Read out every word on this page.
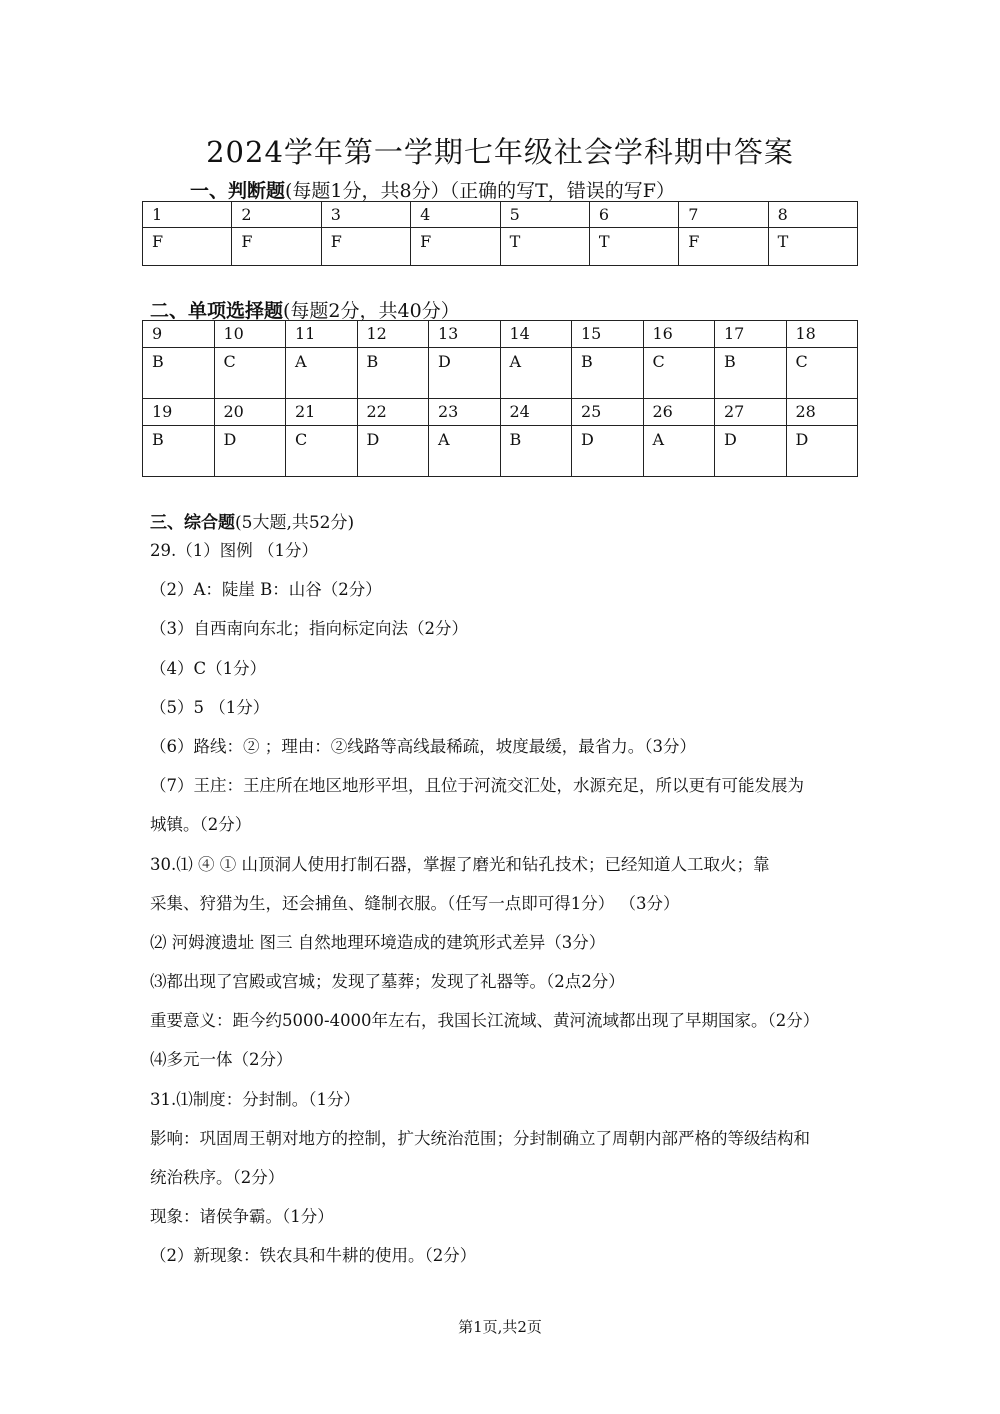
2024学年第一学期七年级社会学科期中答案
一、判断题(每题1分，共8分）（正确的写T，错误的写F）
1	2	3	4	5	6	7	8
F	F	F	F	T	T	F	T
二、单项选择题(每题2分，共40分）
9	10	11	12	13	14	15	16	17	18
B	C	A	B	D	A	B	C	B	C
19	20	21	22	23	24	25	26	27	28
B	D	C	D	A	B	D	A	D	D
三、综合题(5大题,共52分)
29.（1）图例 （1分）
（2）A：陡崖 B：山谷（2分）
（3）自西南向东北；指向标定向法（2分）
（4）C（1分）
（5）5 （1分）
（6）路线：② ；理由：②线路等高线最稀疏，坡度最缓，最省力。（3分）
（7）王庄：王庄所在地区地形平坦，且位于河流交汇处，水源充足，所以更有可能发展为
城镇。（2分）
30.⑴ ④ ① 山顶洞人使用打制石器，掌握了磨光和钻孔技术；已经知道人工取火；靠
采集、狩猎为生，还会捕鱼、缝制衣服。（任写一点即可得1分） （3分）
⑵ 河姆渡遗址 图三 自然地理环境造成的建筑形式差异（3分）
⑶都出现了宫殿或宫城；发现了墓葬；发现了礼器等。（2点2分）
重要意义：距今约5000-4000年左右，我国长江流域、黄河流域都出现了早期国家。（2分）
⑷多元一体（2分）
31.⑴制度：分封制。（1分）
影响：巩固周王朝对地方的控制，扩大统治范围；分封制确立了周朝内部严格的等级结构和
统治秩序。（2分）
现象：诸侯争霸。（1分）
（2）新现象：铁农具和牛耕的使用。（2分）
第1页,共2页
